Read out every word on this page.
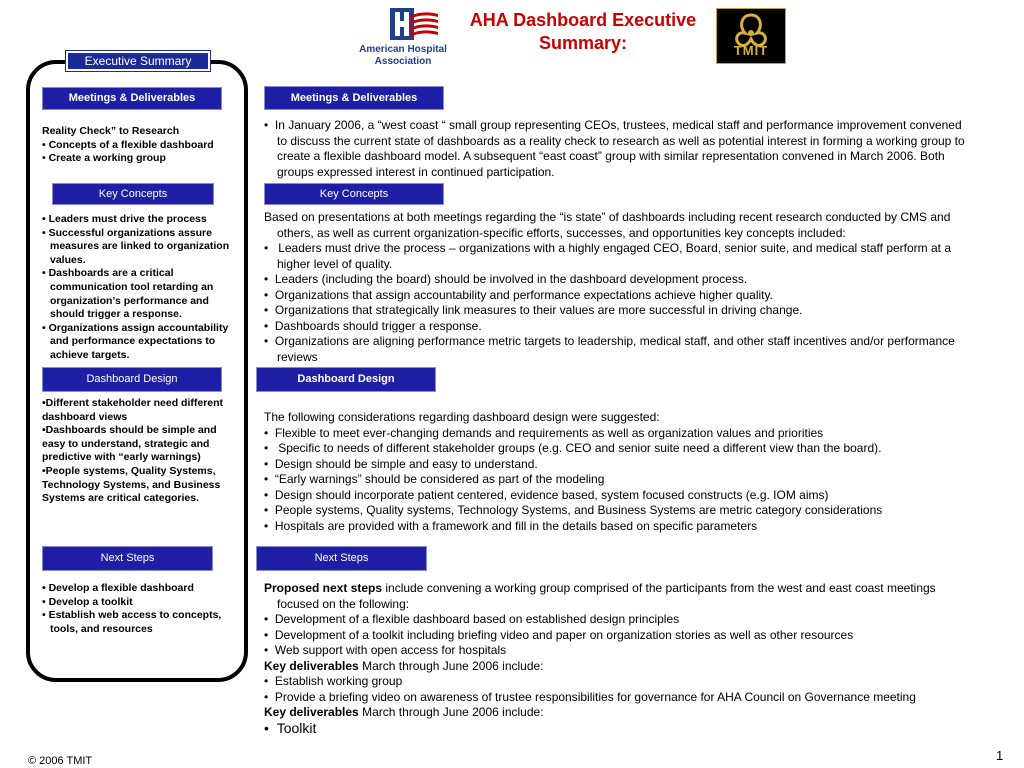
American Hospital
Association
AHA Dashboard Executive
Summary:	TMIT
Executive Summary
Meetings & Deliverables
Reality Check” to Research
• Concepts of a flexible dashboard
• Create a working group
Key Concepts
• Leaders must drive the process
• Successful organizations assure measures are linked to organization values.
• Dashboards are a critical communication tool retarding an organization’s performance and should trigger a response.
• Organizations assign accountability and performance expectations to achieve targets.
Dashboard Design
•Different stakeholder need different dashboard views
•Dashboards should be simple and easy to understand, strategic and predictive with “early warnings)
•People systems, Quality Systems, Technology Systems, and Business Systems are critical categories.
Next Steps
• Develop a flexible dashboard
• Develop a toolkit
• Establish web access to concepts, tools, and resources
Meetings & Deliverables
•  In January 2006, a “west coast “ small group representing CEOs, trustees, medical staff and performance improvement convened to discuss the current state of dashboards as a reality check to research as well as potential interest in forming a working group to create a flexible dashboard model. A subsequent “east coast” group with similar representation convened in March 2006. Both groups expressed interest in continued participation.
Key Concepts
Based on presentations at both meetings regarding the “is state” of dashboards including recent research conducted by CMS and others, as well as current organization-specific efforts, successes, and opportunities key concepts included:
•   Leaders must drive the process – organizations with a highly engaged CEO, Board, senior suite, and medical staff perform at a higher level of quality.
•  Leaders (including the board) should be involved in the dashboard development process.
•  Organizations that assign accountability and performance expectations achieve higher quality.
•  Organizations that strategically link measures to their values are more successful in driving change.
•  Dashboards should trigger a response.
•  Organizations are aligning performance metric targets to leadership, medical staff, and other staff incentives and/or performance reviews
Dashboard Design
The following considerations regarding dashboard design were suggested:
•  Flexible to meet ever-changing demands and requirements as well as organization values and priorities
•   Specific to needs of different stakeholder groups (e.g. CEO and senior suite need a different view than the board).
•  Design should be simple and easy to understand.
•  “Early warnings” should be considered as part of the modeling
•  Design should incorporate patient centered, evidence based, system focused constructs (e.g. IOM aims)
•  People systems, Quality systems, Technology Systems, and Business Systems are metric category considerations
•  Hospitals are provided with a framework and fill in the details based on specific parameters
Next Steps
Proposed next steps include convening a working group comprised of the participants from the west and east coast meetings focused on the following:
•  Development of a flexible dashboard based on established design principles
•  Development of a toolkit including briefing video and paper on organization stories as well as other resources
•  Web support with open access for hospitals
Key deliverables March through June 2006 include:
•  Establish working group
•  Provide a briefing video on awareness of trustee responsibilities for governance for AHA Council on Governance meeting
Key deliverables March through June 2006 include:
•  Toolkit
© 2006 TMIT	1
